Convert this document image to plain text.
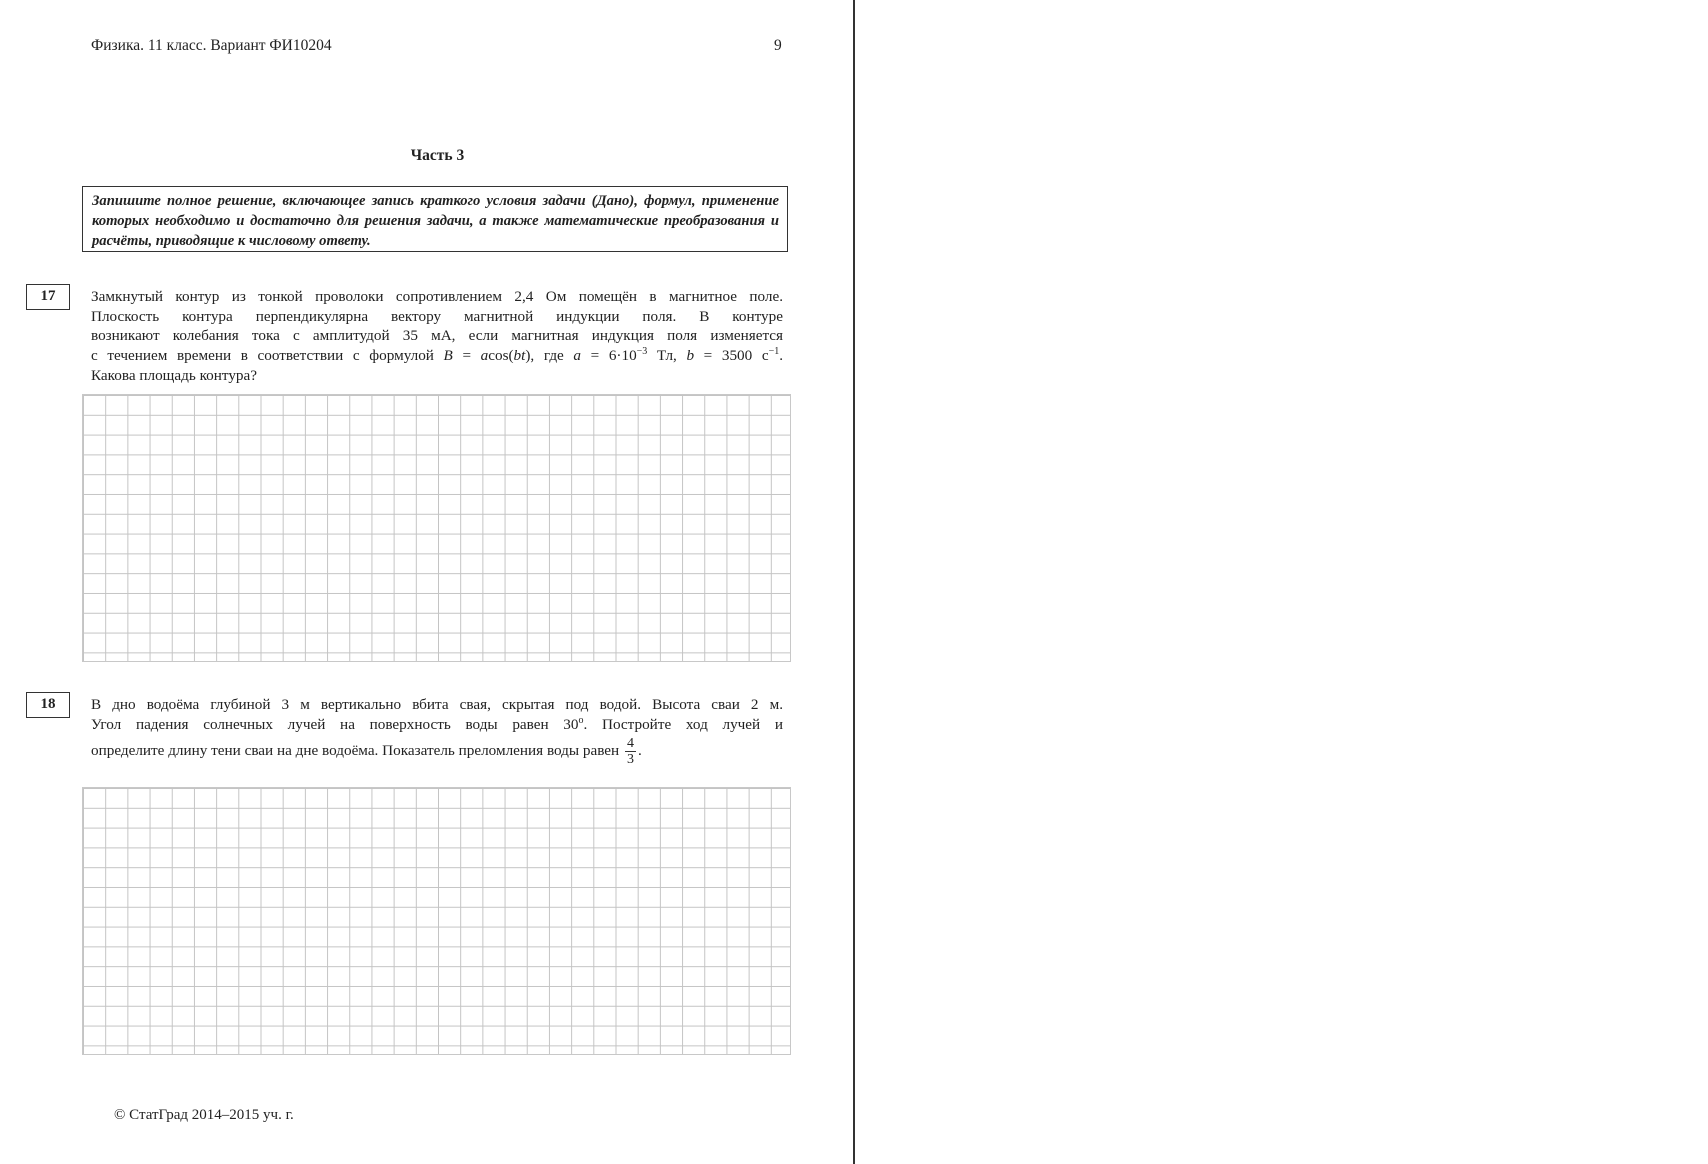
Физика. 11 класс. Вариант ФИ10204	9
Часть 3
Запишите полное решение, включающее запись краткого условия задачи (Дано), формул, применение которых необходимо и достаточно для решения задачи, а также математические преобразования и расчёты, приводящие к числовому ответу.
17	Замкнутый контур из тонкой проволоки сопротивлением 2,4 Ом помещён в магнитное поле.
Плоскость контура перпендикулярна вектору магнитной индукции поля. В контуре
возникают колебания тока с амплитудой 35 мА, если магнитная индукция поля изменяется
с течением времени в соответствии с формулой B = acos(bt), где $a = 6\cdot 10^{-3}$ Тл, b = 3500 $с^{-1}$.
Какова площадь контура?
18	В дно водоёма глубиной 3 м вертикально вбита свая, скрытая под водой. Высота сваи 2 м.
Угол падения солнечных лучей на поверхность воды равен $30^о$. Постройте ход лучей и
определите длину тени сваи на дне водоёма. Показатель преломления воды равен $\frac{4}{3}$ .
© СтатГрад 2014–2015 уч. г.
